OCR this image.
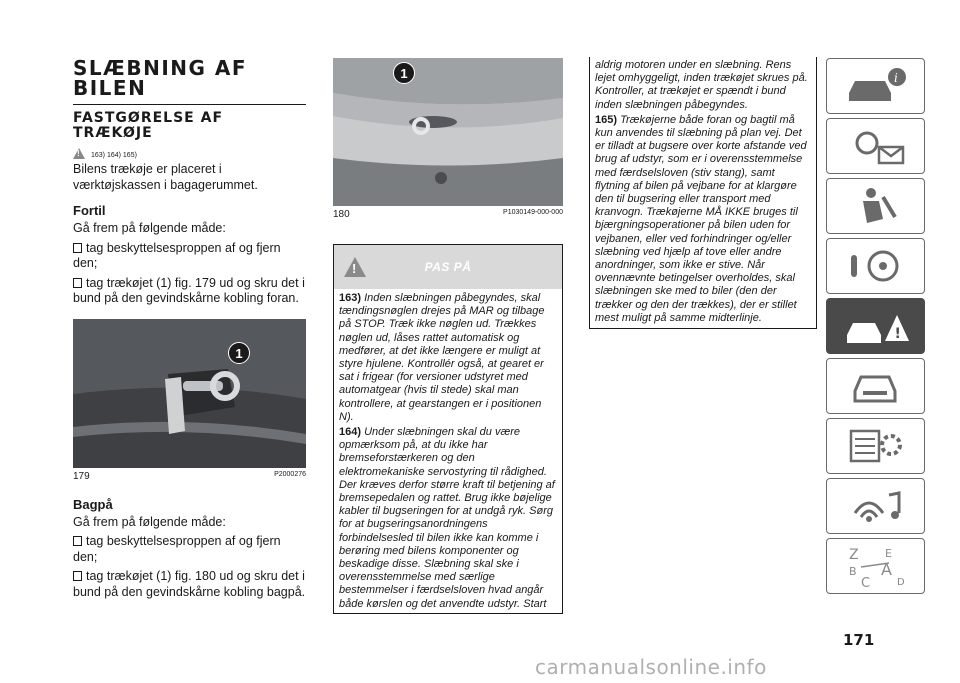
SLÆBNING AF BILEN
FASTGØRELSE AF TRÆKØJE
!
163) 164) 165)
Bilens trækøje er placeret i værktøjskassen i bagagerummet.
Fortil
Gå frem på følgende måde:
tag beskyttelsesproppen af og fjern den;
tag trækøjet (1) fig. 179 ud og skru det i bund på den gevindskårne kobling foran.
1
179	P2000276
Bagpå
Gå frem på følgende måde:
tag beskyttelsesproppen af og fjern den;
tag trækøjet (1) fig. 180 ud og skru det i bund på den gevindskårne kobling bagpå.
1
180	P1030149-000-000
!
PAS PÅ
163) Inden slæbningen påbegyndes, skal tændingsnøglen drejes på MAR og tilbage på STOP. Træk ikke nøglen ud. Trækkes nøglen ud, låses rattet automatisk og medfører, at det ikke længere er muligt at styre hjulene. Kontrollér også, at gearet er sat i frigear (for versioner udstyret med automatgear (hvis til stede) skal man kontrollere, at gearstangen er i positionen N).
164) Under slæbningen skal du være opmærksom på, at du ikke har bremseforstærkeren og den elektromekaniske servostyring til rådighed. Der kræves derfor større kraft til betjening af bremsepedalen og rattet. Brug ikke bøjelige kabler til bugseringen for at undgå ryk. Sørg for at bugseringsanordningens forbindelsesled til bilen ikke kan komme i berøring med bilens komponenter og beskadige disse. Slæbning skal ske i overensstemmelse med særlige bestemmelser i færdselsloven hvad angår både kørslen og det anvendte udstyr. Start
aldrig motoren under en slæbning. Rens lejet omhyggeligt, inden trækøjet skrues på. Kontroller, at trækøjet er spændt i bund inden slæbningen påbegyndes.
165) Trækøjerne både foran og bagtil må kun anvendes til slæbning på plan vej. Det er tilladt at bugsere over korte afstande ved brug af udstyr, som er i overensstemmelse med færdselsloven (stiv stang), samt flytning af bilen på vejbane for at klargøre den til bugsering eller transport med kranvogn. Trækøjerne MÅ IKKE bruges til bjærgningsoperationer på bilen uden for vejbanen, eller ved forhindringer og/eller slæbning ved hjælp af tove eller andre anordninger, som ikke er stive. Når ovennævnte betingelser overholdes, skal slæbningen ske med to biler (den der trækker og den der trækkes), der er stillet mest muligt på samme midterlinje.
i
!
Z E
B A
C	D
171
carmanualsonline.info
